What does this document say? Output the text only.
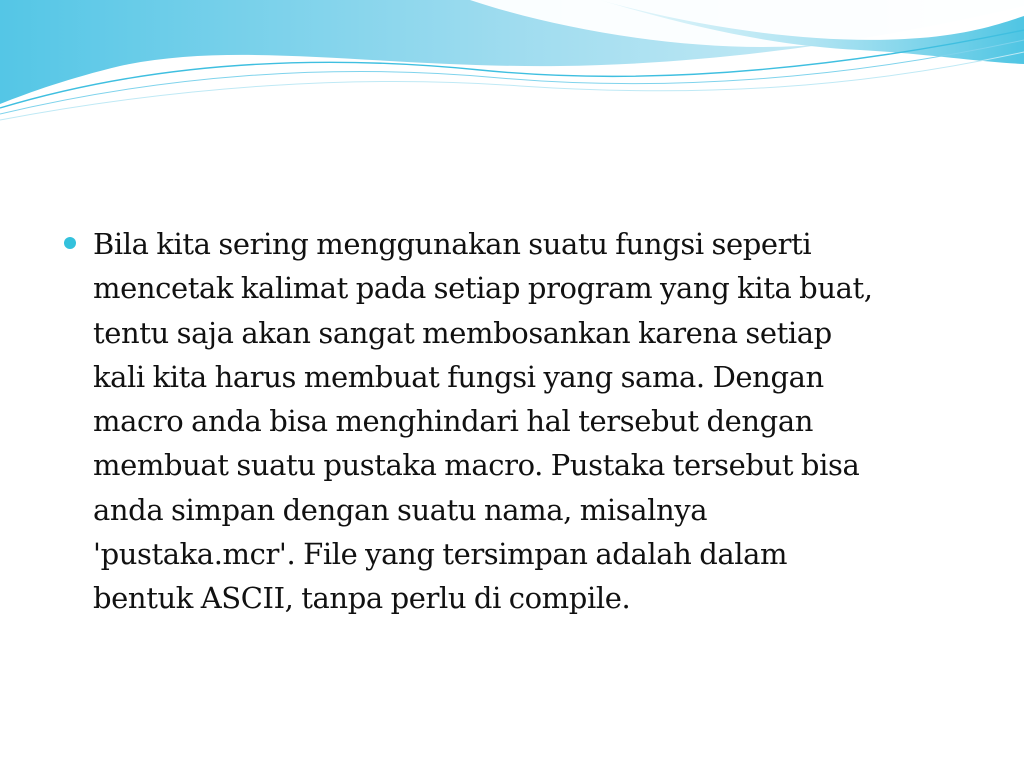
Bila kita sering menggunakan suatu fungsi seperti
mencetak kalimat pada setiap program yang kita buat,
tentu saja akan sangat membosankan karena setiap
kali kita harus membuat fungsi yang sama. Dengan
macro anda bisa menghindari hal tersebut dengan
membuat suatu pustaka macro. Pustaka tersebut bisa
anda simpan dengan suatu nama, misalnya
'pustaka.mcr'. File yang tersimpan adalah dalam
bentuk ASCII, tanpa perlu di compile.
